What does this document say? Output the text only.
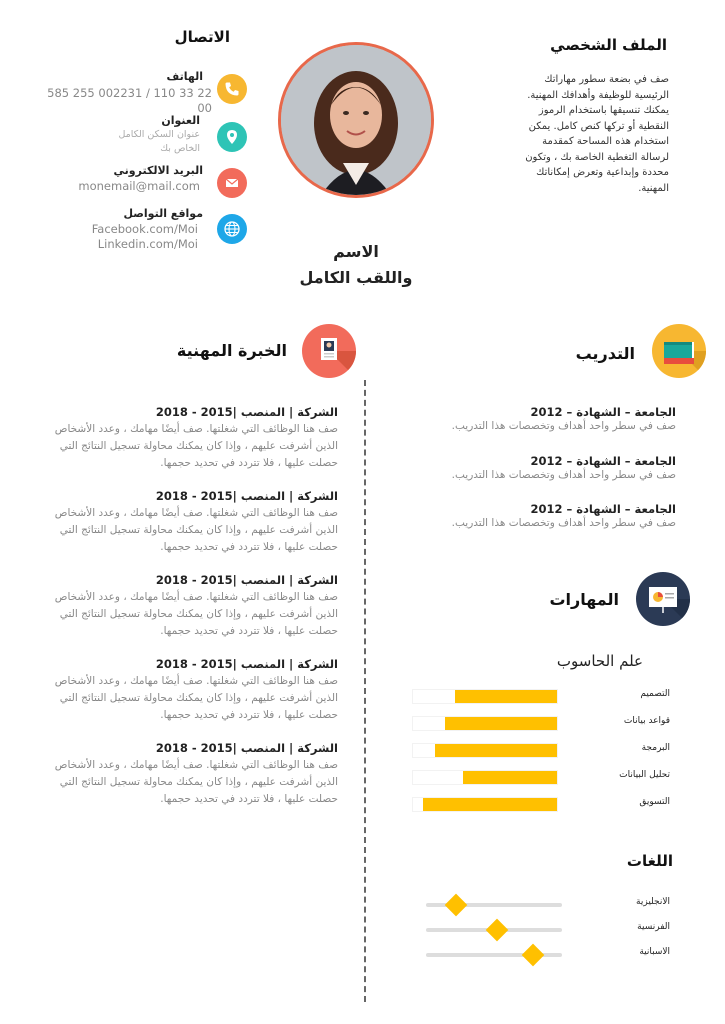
الملف الشخصي
صف في بضعة سطور مهاراتك الرئيسية للوظيفة وأهدافك المهنية. يمكنك تنسيقها باستخدام الرموز النقطية أو تركها كنص كامل. يمكن استخدام هذه المساحة كمقدمة لرسالة التغطية الخاصة بك ، وتكون محددة وإبداعية وتعرض إمكاناتك المهنية.
الاسم
واللقب الكامل
الاتصال
الهاتف
585 255 002231 / 110 33 22 00
العنوان
عنوان السكن الكامل
الخاص بك
البريد الالكتروني
monemail@mail.com
مواقع التواصل
Facebook.com/Moi
Linkedin.com/Moi
الخبرة المهنية
الشركة | المنصب |2015 - 2018
صف هنا الوظائف التي شغلتها. صف أيضًا مهامك ، وعدد الأشخاص
الذين أشرفت عليهم ، وإذا كان يمكنك محاولة تسجيل النتائج التي
حصلت عليها ، فلا تتردد في تحديد حجمها.
الشركة | المنصب |2015 - 2018
صف هنا الوظائف التي شغلتها. صف أيضًا مهامك ، وعدد الأشخاص
الذين أشرفت عليهم ، وإذا كان يمكنك محاولة تسجيل النتائج التي
حصلت عليها ، فلا تتردد في تحديد حجمها.
الشركة | المنصب |2015 - 2018
صف هنا الوظائف التي شغلتها. صف أيضًا مهامك ، وعدد الأشخاص
الذين أشرفت عليهم ، وإذا كان يمكنك محاولة تسجيل النتائج التي
حصلت عليها ، فلا تتردد في تحديد حجمها.
الشركة | المنصب |2015 - 2018
صف هنا الوظائف التي شغلتها. صف أيضًا مهامك ، وعدد الأشخاص
الذين أشرفت عليهم ، وإذا كان يمكنك محاولة تسجيل النتائج التي
حصلت عليها ، فلا تتردد في تحديد حجمها.
الشركة | المنصب |2015 - 2018
صف هنا الوظائف التي شغلتها. صف أيضًا مهامك ، وعدد الأشخاص
الذين أشرفت عليهم ، وإذا كان يمكنك محاولة تسجيل النتائج التي
حصلت عليها ، فلا تتردد في تحديد حجمها.
التدريب
الجامعة – الشهادة – 2012
صف في سطر واحد أهداف وتخصصات هذا التدريب.
الجامعة – الشهادة – 2012
صف في سطر واحد أهداف وتخصصات هذا التدريب.
الجامعة – الشهادة – 2012
صف في سطر واحد أهداف وتخصصات هذا التدريب.
المهارات
علم الحاسوب
التصميم
قواعد بيانات
البرمجة
تحليل البيانات
التسويق
اللغات
الانجليزية
الفرنسية
الاسبانية
